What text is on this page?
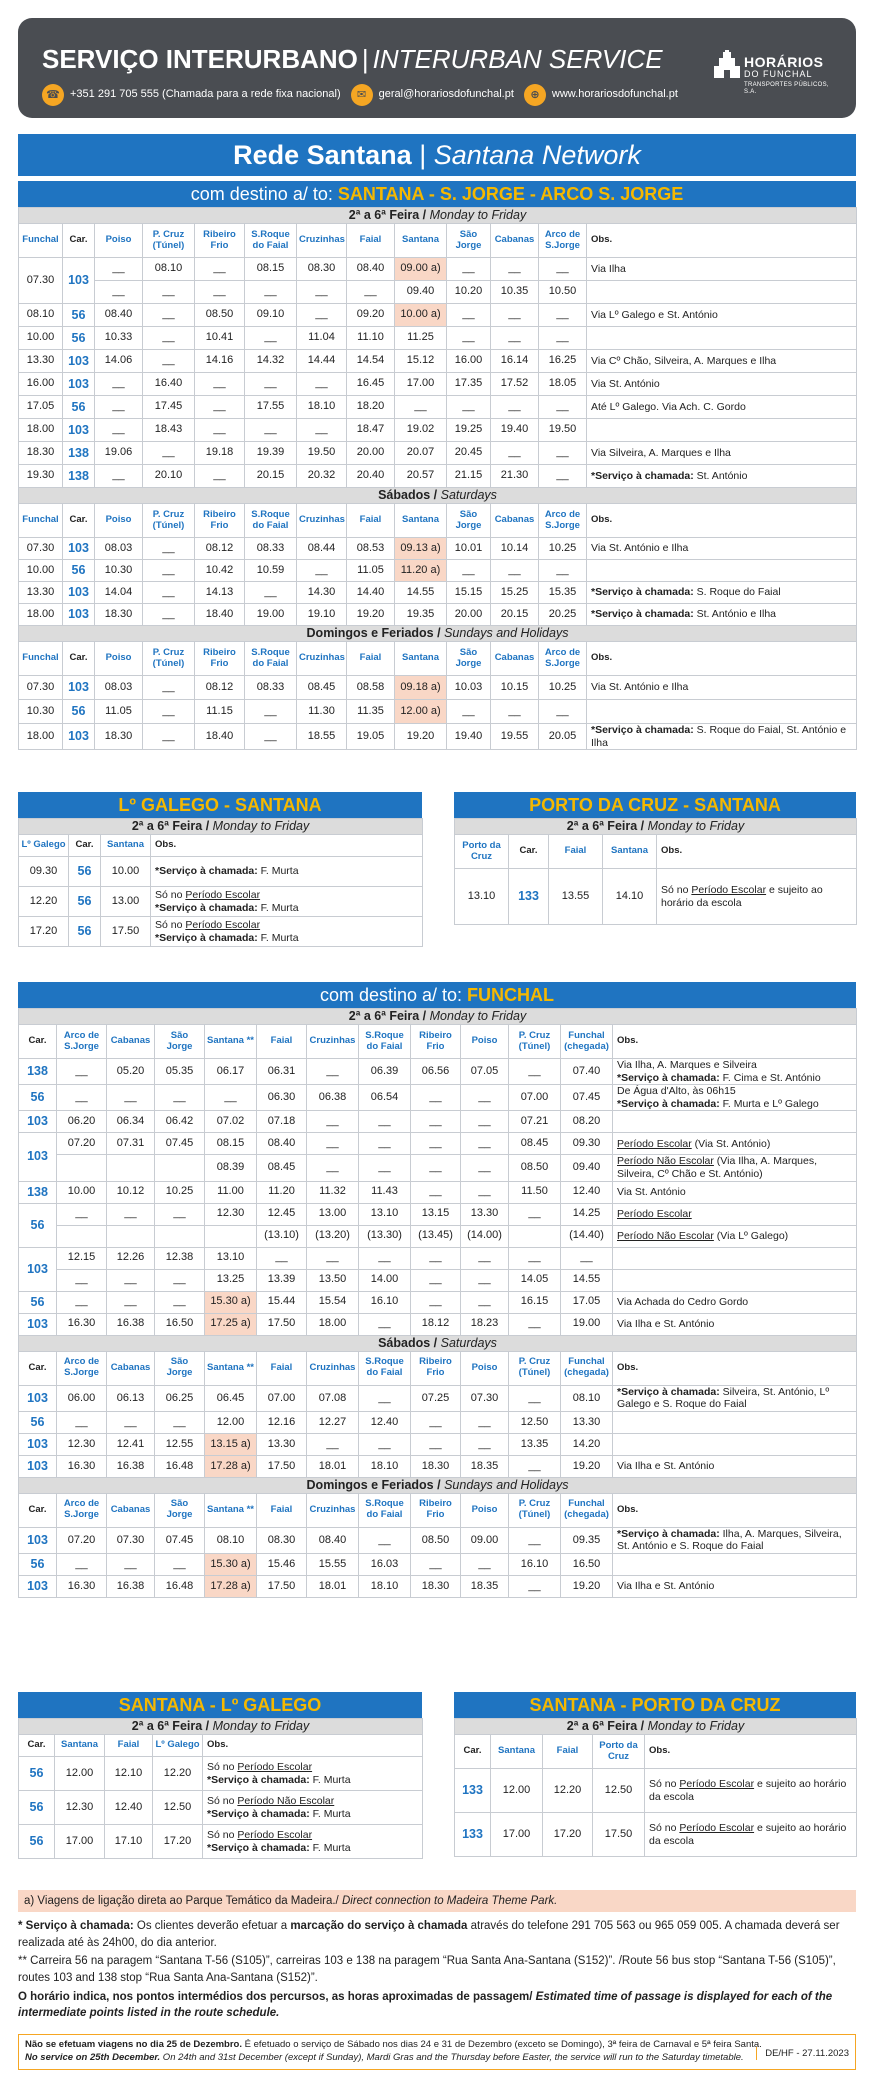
SERVIÇO INTERURBANO | INTERURBAN SERVICE
☎ +351 291 705 555 (Chamada para a rede fixa nacional)	✉	geral@horariosdofunchal.pt	⊕	www.horariosdofunchal.pt
HORÁRIOS
DO FUNCHAL
TRANSPORTES PÚBLICOS, S.A.
Rede Santana | Santana Network
com destino a/ to: SANTANA - S. JORGE - ARCO S. JORGE
2ª a 6ª Feira / Monday to Friday												
Funchal	Car.	Poiso	P. Cruz (Túnel)	Ribeiro Frio	S.Roque do Faial	Cruzinhas	Faial	Santana	São Jorge	Cabanas	Arco de S.Jorge	Obs.
07.30	103	__	08.10	__	08.15	08.30	08.40	09.00 a)	__	__	__	Via Ilha
		__	__	__	__	__	__	09.40	10.20	10.35	10.50	
08.10	56	08.40	__	08.50	09.10	__	09.20	10.00 a)	__	__	__	Via Lº Galego e St. António
10.00	56	10.33	__	10.41	__	11.04	11.10	11.25	__	__	__	
13.30	103	14.06	__	14.16	14.32	14.44	14.54	15.12	16.00	16.14	16.25	Via Cº Chão, Silveira, A. Marques e Ilha
16.00	103	__	16.40	__	__	__	16.45	17.00	17.35	17.52	18.05	Via St. António
17.05	56	__	17.45	__	17.55	18.10	18.20	__	__	__	__	Até Lº Galego. Via Ach. C. Gordo
18.00	103	__	18.43	__	__	__	18.47	19.02	19.25	19.40	19.50	
18.30	138	19.06	__	19.18	19.39	19.50	20.00	20.07	20.45	__	__	Via Silveira, A. Marques e Ilha
19.30	138	__	20.10	__	20.15	20.32	20.40	20.57	21.15	21.30	__	*Serviço à chamada: St. António
Sábados / Saturdays												
Funchal	Car.	Poiso	P. Cruz (Túnel)	Ribeiro Frio	S.Roque do Faial	Cruzinhas	Faial	Santana	São Jorge	Cabanas	Arco de S.Jorge	Obs.
07.30	103	08.03	__	08.12	08.33	08.44	08.53	09.13 a)	10.01	10.14	10.25	Via St. António e Ilha
10.00	56	10.30	__	10.42	10.59	__	11.05	11.20 a)	__	__	__	
13.30	103	14.04	__	14.13	__	14.30	14.40	14.55	15.15	15.25	15.35	*Serviço à chamada: S. Roque do Faial
18.00	103	18.30	__	18.40	19.00	19.10	19.20	19.35	20.00	20.15	20.25	*Serviço à chamada: St. António e Ilha
Domingos e Feriados / Sundays and Holidays												
Funchal	Car.	Poiso	P. Cruz (Túnel)	Ribeiro Frio	S.Roque do Faial	Cruzinhas	Faial	Santana	São Jorge	Cabanas	Arco de S.Jorge	Obs.
07.30	103	08.03	__	08.12	08.33	08.45	08.58	09.18 a)	10.03	10.15	10.25	Via St. António e Ilha
10.30	56	11.05	__	11.15	__	11.30	11.35	12.00 a)	__	__	__	
18.00	103	18.30	__	18.40	__	18.55	19.05	19.20	19.40	19.55	20.05	*Serviço à chamada: S. Roque do Faial, St. António e Ilha
Lº GALEGO - SANTANA
2ª a 6ª Feira / Monday to Friday			
Lº Galego	Car.	Santana	Obs.
09.30	56	10.00	*Serviço à chamada: F. Murta
12.20	56	13.00	Só no Período Escolar
*Serviço à chamada: F. Murta
17.20	56	17.50	Só no Período Escolar
*Serviço à chamada: F. Murta
PORTO DA CRUZ - SANTANA
2ª a 6ª Feira / Monday to Friday				
Porto da Cruz	Car.	Faial	Santana	Obs.
13.10	133	13.55	14.10	Só no Período Escolar e sujeito ao horário da escola
com destino a/ to: FUNCHAL
2ª a 6ª Feira / Monday to Friday												
Car.	Arco de S.Jorge	Cabanas	São Jorge	Santana **	Faial	Cruzinhas	S.Roque do Faial	Ribeiro Frio	Poiso	P. Cruz (Túnel)	Funchal (chegada)	Obs.
138	__	05.20	05.35	06.17	06.31	__	06.39	06.56	07.05	__	07.40	Via Ilha, A. Marques e Silveira
*Serviço à chamada: F. Cima e St. António
56	__	__	__	__	06.30	06.38	06.54	__	__	07.00	07.45	De Água d'Alto, às 06h15
*Serviço à chamada: F. Murta e Lº Galego
103	06.20	06.34	06.42	07.02	07.18	__	__	__	__	07.21	08.20	
103	07.20	07.31	07.45	08.15	08.40	__	__	__	__	08.45	09.30	Período Escolar (Via St. António)
				08.39	08.45	__	__	__	__	08.50	09.40	Período Não Escolar (Via Ilha, A. Marques, Silveira, Cº Chão e St. António)
138	10.00	10.12	10.25	11.00	11.20	11.32	11.43	__	__	11.50	12.40	Via St. António
56	__	__	__	12.30	12.45	13.00	13.10	13.15	13.30	__	14.25	Período Escolar
					(13.10)	(13.20)	(13.30)	(13.45)	(14.00)		(14.40)	Período Não Escolar (Via Lº Galego)
103	12.15	12.26	12.38	13.10	__	__	__	__	__	__	__	
	__	__	__	13.25	13.39	13.50	14.00	__	__	14.05	14.55	
56	__	__	__	15.30 a)	15.44	15.54	16.10	__	__	16.15	17.05	Via Achada do Cedro Gordo
103	16.30	16.38	16.50	17.25 a)	17.50	18.00	__	18.12	18.23	__	19.00	Via Ilha e St. António
Sábados / Saturdays												
Car.	Arco de S.Jorge	Cabanas	São Jorge	Santana **	Faial	Cruzinhas	S.Roque do Faial	Ribeiro Frio	Poiso	P. Cruz (Túnel)	Funchal (chegada)	Obs.
103	06.00	06.13	06.25	06.45	07.00	07.08	__	07.25	07.30	__	08.10	*Serviço à chamada: Silveira, St. António, Lº Galego e S. Roque do Faial
56	__	__	__	12.00	12.16	12.27	12.40	__	__	12.50	13.30	
103	12.30	12.41	12.55	13.15 a)	13.30	__	__	__	__	13.35	14.20	
103	16.30	16.38	16.48	17.28 a)	17.50	18.01	18.10	18.30	18.35	__	19.20	Via Ilha e St. António
Domingos e Feriados / Sundays and Holidays												
Car.	Arco de S.Jorge	Cabanas	São Jorge	Santana **	Faial	Cruzinhas	S.Roque do Faial	Ribeiro Frio	Poiso	P. Cruz (Túnel)	Funchal (chegada)	Obs.
103	07.20	07.30	07.45	08.10	08.30	08.40	__	08.50	09.00	__	09.35	*Serviço à chamada: Ilha, A. Marques, Silveira, St. António e S. Roque do Faial
56	__	__	__	15.30 a)	15.46	15.55	16.03	__	__	16.10	16.50	
103	16.30	16.38	16.48	17.28 a)	17.50	18.01	18.10	18.30	18.35	__	19.20	Via Ilha e St. António
SANTANA - Lº GALEGO
2ª a 6ª Feira / Monday to Friday				
Car.	Santana	Faial	Lº Galego	Obs.
56	12.00	12.10	12.20	Só no Período Escolar
*Serviço à chamada: F. Murta
56	12.30	12.40	12.50	Só no Período Não Escolar
*Serviço à chamada: F. Murta
56	17.00	17.10	17.20	Só no Período Escolar
*Serviço à chamada: F. Murta
SANTANA - PORTO DA CRUZ
2ª a 6ª Feira / Monday to Friday				
Car.	Santana	Faial	Porto da Cruz	Obs.
133	12.00	12.20	12.50	Só no Período Escolar e sujeito ao horário da escola
133	17.00	17.20	17.50	Só no Período Escolar e sujeito ao horário da escola
a) Viagens de ligação direta ao Parque Temático da Madeira./ Direct connection to Madeira Theme Park.

* Serviço à chamada: Os clientes deverão efetuar a marcação do serviço à chamada através do telefone 291 705 563 ou 965 059 005. A chamada deverá ser realizada até às 24h00, do dia anterior.

** Carreira 56 na paragem “Santana T-56 (S105)”, carreiras 103 e 138 na paragem “Rua Santa Ana-Santana (S152)”. /Route 56 bus stop “Santana T-56 (S105)”, routes 103 and 138 stop “Rua Santa Ana-Santana (S152)”.

O horário indica, nos pontos intermédios dos percursos, as horas aproximadas de passagem/ Estimated time of passage is displayed for each of the intermediate points listed in the route schedule.

Não se efetuam viagens no dia 25 de Dezembro. É efetuado o serviço de Sábado nos dias 24 e 31 de Dezembro (exceto se Domingo), 3ª feira de Carnaval e 5ª feira Santa.
No service on 25th December. On 24th and 31st December (except if Sunday), Mardi Gras and the Thursday before Easter, the service will run to the Saturday timetable.	DE/HF - 27.11.2023
